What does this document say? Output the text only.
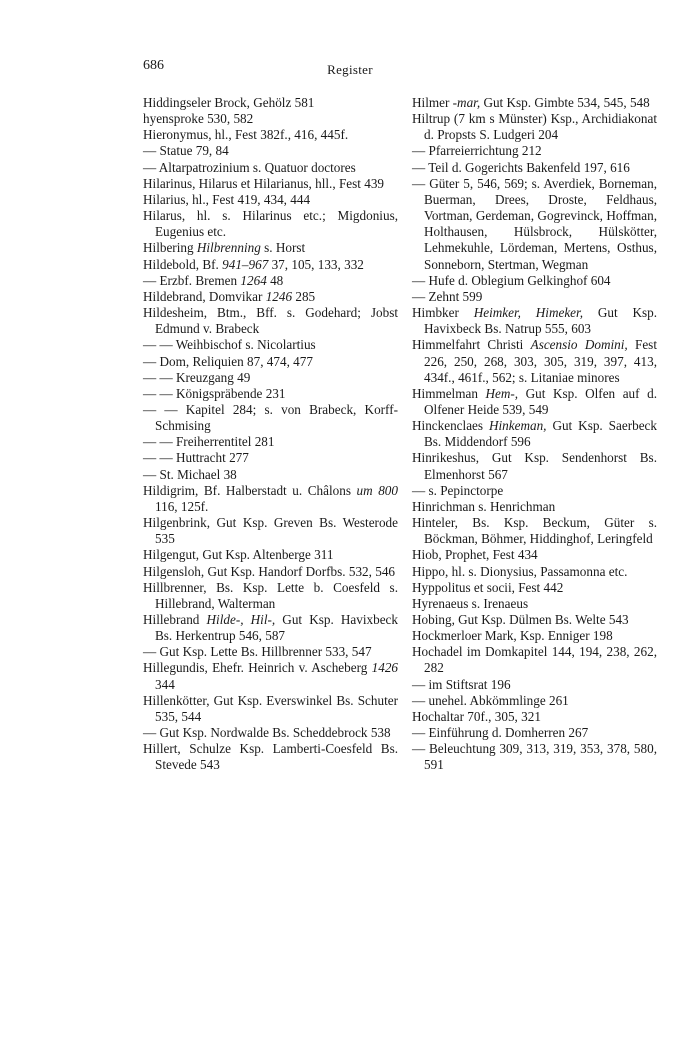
686	Register
Hiddingseler Brock, Gehölz 581
hyensproke 530, 582
Hieronymus, hl., Fest 382f., 416, 445f.
— Statue 79, 84
— Altarpatrozinium s. Quatuor doctores
Hilarinus, Hilarus et Hilarianus, hll., Fest 439
Hilarius, hl., Fest 419, 434, 444
Hilarus, hl. s. Hilarinus etc.; Migdonius, Eugenius etc.
Hilbering Hilbrenning s. Horst
Hildebold, Bf. 941–967 37, 105, 133, 332
— Erzbf. Bremen 1264 48
Hildebrand, Domvikar 1246 285
Hildesheim, Btm., Bff. s. Godehard; Jobst Edmund v. Brabeck
— — Weihbischof s. Nicolartius
— Dom, Reliquien 87, 474, 477
— — Kreuzgang 49
— — Königspräbende 231
— — Kapitel 284; s. von Brabeck, Korff-Schmising
— — Freiherrentitel 281
— — Huttracht 277
— St. Michael 38
Hildigrim, Bf. Halberstadt u. Châlons um 800 116, 125f.
Hilgenbrink, Gut Ksp. Greven Bs. Westerode 535
Hilgengut, Gut Ksp. Altenberge 311
Hilgensloh, Gut Ksp. Handorf Dorfbs. 532, 546
Hillbrenner, Bs. Ksp. Lette b. Coesfeld s. Hillebrand, Walterman
Hillebrand Hilde-, Hil-, Gut Ksp. Havixbeck Bs. Herkentrup 546, 587
— Gut Ksp. Lette Bs. Hillbrenner 533, 547
Hillegundis, Ehefr. Heinrich v. Ascheberg 1426 344
Hillenkötter, Gut Ksp. Everswinkel Bs. Schuter 535, 544
— Gut Ksp. Nordwalde Bs. Scheddebrock 538
Hillert, Schulze Ksp. Lamberti-Coesfeld Bs. Stevede 543
Hilmer -mar, Gut Ksp. Gimbte 534, 545, 548
Hiltrup (7 km s Münster) Ksp., Archidiakonat d. Propsts S. Ludgeri 204
— Pfarreierrichtung 212
— Teil d. Gogerichts Bakenfeld 197, 616
— Güter 5, 546, 569; s. Averdiek, Borneman, Buerman, Drees, Droste, Feldhaus, Vortman, Gerdeman, Gogrevinck, Hoffman, Holthausen, Hülsbrock, Hülskötter, Lehmekuhle, Lördeman, Mertens, Osthus, Sonneborn, Stertman, Wegman
— Hufe d. Oblegium Gelkinghof 604
— Zehnt 599
Himbker Heimker, Himeker, Gut Ksp. Havixbeck Bs. Natrup 555, 603
Himmelfahrt Christi Ascensio Domini, Fest 226, 250, 268, 303, 305, 319, 397, 413, 434f., 461f., 562; s. Litaniae minores
Himmelman Hem-, Gut Ksp. Olfen auf d. Olfener Heide 539, 549
Hinckenclaes Hinkeman, Gut Ksp. Saerbeck Bs. Middendorf 596
Hinrikeshus, Gut Ksp. Sendenhorst Bs. Elmenhorst 567
— s. Pepinctorpe
Hinrichman s. Henrichman
Hinteler, Bs. Ksp. Beckum, Güter s. Böckman, Böhmer, Hiddinghof, Leringfeld
Hiob, Prophet, Fest 434
Hippo, hl. s. Dionysius, Passamonna etc.
Hyppolitus et socii, Fest 442
Hyrenaeus s. Irenaeus
Hobing, Gut Ksp. Dülmen Bs. Welte 543
Hockmerloer Mark, Ksp. Enniger 198
Hochadel im Domkapitel 144, 194, 238, 262, 282
— im Stiftsrat 196
— unehel. Abkömmlinge 261
Hochaltar 70f., 305, 321
— Einführung d. Domherren 267
— Beleuchtung 309, 313, 319, 353, 378, 580, 591
